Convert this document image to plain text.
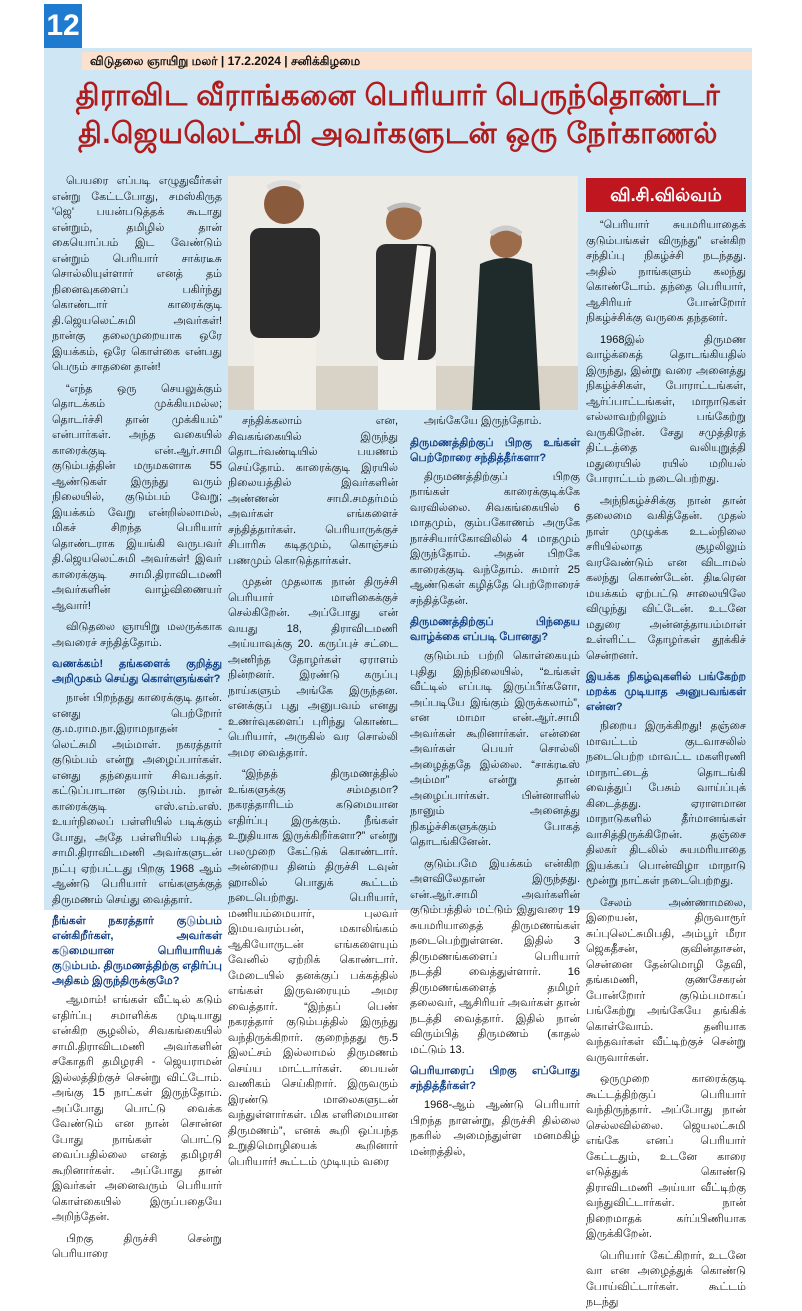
12
விடுதலை ஞாயிறு மலர் | 17.2.2024 | சனிக்கிழமை
திராவிட வீராங்கனை பெரியார் பெருந்தொண்டர்
தி.ஜெயலெட்சுமி அவர்களுடன் ஒரு நேர்காணல்
வி.சி.வில்வம்

பெயரை எப்படி எழுதுவீர்கள் என்று கேட்டபோது, சமஸ்கிருத 'ஜெ' பயன்படுத்தக் கூடாது என்றும், தமிழில் தான் கையொப்பம் இட வேண்டும் என்றும் பெரியார் சாக்ரடீசு சொல்லியுள்ளார் எனத் தம் நினைவுகளைப் பகிர்ந்து கொண்டார் காரைக்குடி தி.ஜெயலெட்சுமி அவர்கள்! நான்கு தலைமுறையாக ஒரே இயக்கம், ஒரே கொள்கை என்பது பெரும் சாதனை தான்!

“எந்த ஒரு செயலுக்கும் தொடக்கம் முக்கியமல்ல; தொடர்ச்சி தான் முக்கியம்” என்பார்கள். அந்த வகையில் காரைக்குடி என்.ஆர்.சாமி குடும்பத்தின் மருமகளாக 55 ஆண்டுகள் இருந்து வரும் நிலையில், குடும்பம் வேறு; இயக்கம் வேறு என்றில்லாமல், மிகச் சிறந்த பெரியார் தொண்டராக இயங்கி வருபவர் தி.ஜெயலெட்சுமி அவர்கள்! இவர் காரைக்குடி சாமி.திராவிடமணி அவர்களின் வாழ்விணையர் ஆவார்!

விடுதலை ஞாயிறு மலருக்காக அவரைச் சந்தித்தோம்.

வணக்கம்! தங்களைக் குறித்து அறிமுகம் செய்து கொள்ளுங்கள்?

நான் பிறந்தது காரைக்குடி தான். எனது பெற்றோர் கு.ம.ராம.நா.இராமநாதன் - லெட்சுமி அம்மாள். நகரத்தார் குடும்பம் என்று அழைப்பார்கள். எனது தந்தையார் சிவபக்தர். கட்டுப்பாடான குடும்பம். நான் காரைக்குடி எஸ்.எம்.எஸ். உயர்நிலைப் பள்ளியில் படிக்கும் போது, அதே பள்ளியில் படித்த சாமி.திராவிடமணி அவர்களுடன் நட்பு ஏற்பட்டது பிறகு 1968 ஆம் ஆண்டு பெரியார் எங்களுக்குத் திருமணம் செய்து வைத்தார்.

நீங்கள் நகரத்தார் குடும்பம் என்கிறீர்கள், அவர்கள் கடுமையான பெரியாரியக் குடும்பம். திருமணத்திற்கு எதிர்ப்பு அதிகம் இருந்திருக்குமே?

ஆமாம்! எங்கள் வீட்டில் கடும் எதிர்ப்பு சமாளிக்க முடியாது என்கிற சூழலில், சிவகங்கையில் சாமி.திராவிடமணி அவர்களின் சகோதரி தமிழரசி - ஜெயராமன் இல்லத்திற்குச் சென்று விட்டோம். அங்கு 15 நாட்கள் இருந்தோம். அப்போது பொட்டு வைக்க வேண்டும் என நான் சொன்ன போது நாங்கள் பொட்டு வைப்பதில்லை எனத் தமிழரசி கூறினார்கள். அப்போது தான் இவர்கள் அனைவரும் பெரியார் கொள்கையில் இருப்பதையே அறிந்தேன்.

பிறகு திருச்சி சென்று பெரியாரை

சந்திக்கலாம் என, சிவகங்கையில் இருந்து தொடர்வண்டியில் பயணம் செய்தோம். காரைக்குடி இரயில் நிலையத்தில் இவர்களின் அண்ணன் சாமி.சமதர்மம் அவர்கள் எங்களைச் சந்தித்தார்கள். பெரியாருக்குச் சிபாரிசு கடிதமும், கொஞ்சம் பணமும் கொடுத்தார்கள்.

முதன் முதலாக நான் திருச்சி பெரியார் மாளிகைக்குச் செல்கிறேன். அப்போது என் வயது 18, திராவிடமணி அய்யாவுக்கு 20. கருப்புச் சட்டை அணிந்த தோழர்கள் ஏராளம் நின்றனர். இரண்டு கருப்பு நாய்களும் அங்கே இருந்தன. எனக்குப் புது அனுபவம் எனது உணர்வுகளைப் புரிந்து கொண்ட பெரியார், அருகில் வர சொல்லி அமர வைத்தார்.

“இந்தத் திருமணத்தில் உங்களுக்கு சம்மதமா? நகரத்தாரிடம் கடுமையான எதிர்ப்பு இருக்கும். நீங்கள் உறுதியாக இருக்கிறீர்களா?” என்று பலமுறை கேட்டுக் கொண்டார். அன்றைய தினம் திருச்சி டவுன் ஹாலில் பொதுக் கூட்டம் நடைபெற்றது. பெரியார், மணியம்மையார், புலவர் இமயவரம்பன், மகாலிங்கம் ஆகியோருடன் எங்களையும் வேனில் ஏற்றிக் கொண்டார். மேடையில் தனக்குப் பக்கத்தில் எங்கள் இருவரையும் அமர வைத்தார். “இந்தப் பெண் நகரத்தார் குடும்பத்தில் இருந்து வந்திருக்கிறார். குறைந்தது ரூ.5 இலட்சம் இல்லாமல் திருமணம் செய்ய மாட்டார்கள். பையன் வணிகம் செய்கிறார். இருவரும் இரண்டு மாலைகளுடன் வந்துள்ளார்கள். மிக எளிமையான திருமணம்”, எனக் கூறி ஒப்பந்த உறுதிமொழியைக் கூறினார் பெரியார்! கூட்டம் முடியும் வரை

அங்கேயே இருந்தோம்.

திருமணத்திற்குப் பிறகு உங்கள் பெற்றோரை சந்தித்தீர்களா?

திருமணத்திற்குப் பிறகு நாங்கள் காரைக்குடிக்கே வரவில்லை. சிவகங்கையில் 6 மாதமும், கும்பகோணம் அருகே நாச்சியார்கோவிலில் 4 மாதமும் இருந்தோம். அதன் பிறகே காரைக்குடி வந்தோம். சுமார் 25 ஆண்டுகள் கழித்தே பெற்றோரைச் சந்தித்தேன்.

திருமணத்திற்குப் பிந்தைய வாழ்க்கை எப்படி போனது?

குடும்பம் பற்றி கொள்கையும் புதிது இந்நிலையில், “உங்கள் வீட்டில் எப்படி இருப்பீர்களோ, அப்படியே இங்கும் இருக்கலாம்”, என மாமா என்.ஆர்.சாமி அவர்கள் கூறினார்கள். என்னை அவர்கள் பெயர் சொல்லி அழைத்ததே இல்லை. “சாக்ரடீஸ் அம்மா” என்று தான் அழைப்பார்கள். பின்னாளில் நானும் அனைத்து நிகழ்ச்சிகளுக்கும் போகத் தொடங்கினேன்.

குடும்பமே இயக்கம் என்கிற அளவிலேதான் இருந்தது. என்.ஆர்.சாமி அவர்களின் குடும்பத்தில் மட்டும் இதுவரை 19 சுயமரியாதைத் திருமணங்கள் நடைபெற்றுள்ளன. இதில் 3 திருமணங்களைப் பெரியார் நடத்தி வைத்துள்ளார். 16 திருமணங்களைத் தமிழர் தலைவர், ஆசிரியர் அவர்கள் தான் நடத்தி வைத்தார். இதில் நான் விரும்பித் திருமணம் (காதல் மட்டும் 13.

பெரியாரைப் பிறகு எப்போது சந்தித்தீர்கள்?

1968-ஆம் ஆண்டு பெரியார் பிறந்த நாளன்று, திருச்சி தில்லை நகரில் அமைந்துள்ள மனமகிழ் மன்றத்தில்,

“பெரியார் சுயமரியாதைக் குடும்பங்கள் விருந்து” என்கிற சந்திப்பு நிகழ்ச்சி நடந்தது. அதில் நாங்களும் கலந்து கொண்டோம். தந்தை பெரியார், ஆசிரியர் போன்றோர் நிகழ்ச்சிக்கு வருகை தந்தனர்.

1968இல் திருமண வாழ்க்கைத் தொடங்கியதில் இருந்து, இன்று வரை அனைத்து நிகழ்ச்சிகள், போராட்டங்கள், ஆர்ப்பாட்டங்கள், மாநாடுகள் எல்லாவற்றிலும் பங்கேற்று வருகிறேன். சேது சமுத்திரத் திட்டத்தை வலியுறுத்தி மதுரையில் ரயில் மறியல் போராட்டம் நடைபெற்றது.

அந்நிகழ்ச்சிக்கு நான் தான் தலைமை வகித்தேன். முதல் நாள் முழுக்க உடல்நிலை சரியில்லாத சூழலிலும் வரவேண்டும் என விடாமல் கலந்து கொண்டேன். திடீரென மயக்கம் ஏற்பட்டு சாலையிலே விழுந்து விட்டேன். உடனே மதுரை அன்னத்தாயம்மாள் உள்ளிட்ட தோழர்கள் தூக்கிச் சென்றனர்.

இயக்க நிகழ்வுகளில் பங்கேற்ற மறக்க முடியாத அனுபவங்கள் என்ன?

நிறைய இருக்கிறது! தஞ்சை மாவட்டம் குடவாசலில் நடைபெற்ற மாவட்ட மகளிரணி மாநாட்டைத் தொடங்கி வைத்துப் பேசும் வாய்ப்புக் கிடைத்தது. ஏராளமான மாநாடுகளில் தீர்மானங்கள் வாசித்திருக்கிறேன். தஞ்சை திலகர் திடலில் சுயமரியாதை இயக்கப் பொன்விழா மாநாடு மூன்று நாட்கள் நடைபெற்றது.

சேலம் அண்ணாமலை, இறையன், திருவாரூர் சுப்புலெட்சுமிபதி, அம்பூர் மீரா ஜெகதீசன், குவின்தாசன், சென்னை தேன்மொழி தேவி, தங்கமணி, குணசேகரன் போன்றோர் குடும்பமாகப் பங்கேற்று அங்கேயே தங்கிக் கொள்வோம். தனியாக வந்தவர்கள் வீட்டிற்குச் சென்று வருவார்கள்.

ஒருமுறை காரைக்குடி கூட்டத்திற்குப் பெரியார் வந்திருந்தார். அப்போது நான் செல்லவில்லை. ஜெயலட்சுமி எங்கே எனப் பெரியார் கேட்டதும், உடனே காரை எடுத்துக் கொண்டு திராவிடமணி அய்யா வீட்டிற்கு வந்துவிட்டார்கள். நான் நிறைமாதக் கர்ப்பிணியாக இருக்கிறேன்.

பெரியார் கேட்கிறார், உடனே வா என அழைத்துக் கொண்டு போய்விட்டார்கள். கூட்டம் நடந்து
